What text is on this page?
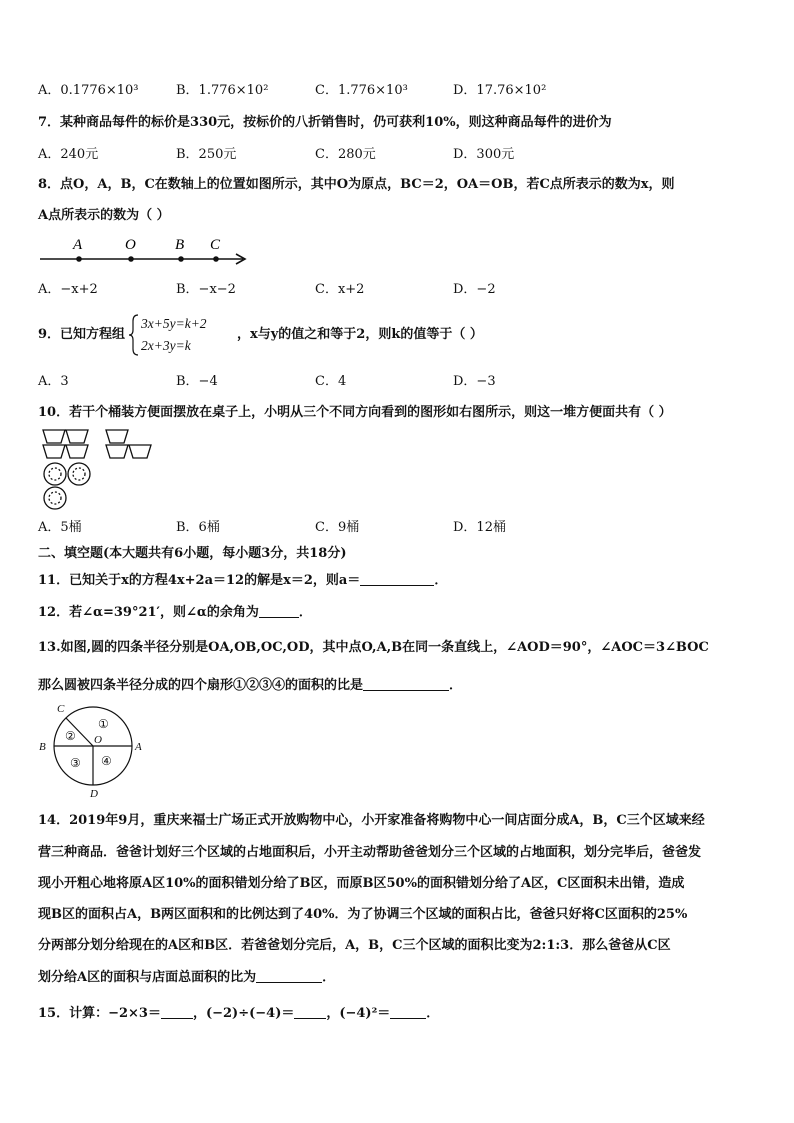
A．0.1776×10³	B．1.776×10²	C．1.776×10³	D．17.76×10²
7．某种商品每件的标价是330元，按标价的八折销售时，仍可获利10%，则这种商品每件的进价为
A．240元	B．250元	C．280元	D．300元
8．点O，A，B，C在数轴上的位置如图所示，其中O为原点，BC＝2，OA＝OB，若C点所表示的数为x，则
A点所表示的数为（ ）
A	O	B C
A．−x+2	B．−x−2	C．x+2	D．−2
9．已知方程组
3x+5y=k+2
2x+3y=k
，x与y的值之和等于2，则k的值等于（ ）
A．3	B．−4	C．4	D．−3
10．若干个桶装方便面摆放在桌子上，小明从三个不同方向看到的图形如右图所示，则这一堆方便面共有（ ）
A．5桶	B．6桶	C．9桶	D．12桶
二、填空题(本大题共有6小题，每小题3分，共18分)
11．已知关于x的方程4x+2a＝12的解是x＝2，则a＝	．
12．若∠α=39°21′，则∠α的余角为	．
13.如图,圆的四条半径分别是OA,OB,OC,OD，其中点O,A,B在同一条直线上，∠AOD＝90°，∠AOC＝3∠BOC
那么圆被四条半径分成的四个扇形①②③④的面积的比是	．
C
B	A
D
O
①
②
③ ④
14．2019年9月，重庆来福士广场正式开放购物中心，小开家准备将购物中心一间店面分成A，B，C三个区域来经
营三种商品．爸爸计划好三个区域的占地面积后，小开主动帮助爸爸划分三个区域的占地面积，划分完毕后，爸爸发
现小开粗心地将原A区10%的面积错划分给了B区，而原B区50%的面积错划分给了A区，C区面积未出错，造成
现B区的面积占A，B两区面积和的比例达到了40%．为了协调三个区域的面积占比，爸爸只好将C区面积的25%
分两部分划分给现在的A区和B区．若爸爸划分完后，A，B，C三个区域的面积比变为2:1:3．那么爸爸从C区
划分给A区的面积与店面总面积的比为	．
15．计算：−2×3＝ ，(−2)÷(−4)＝ ，(−4)²＝	．
